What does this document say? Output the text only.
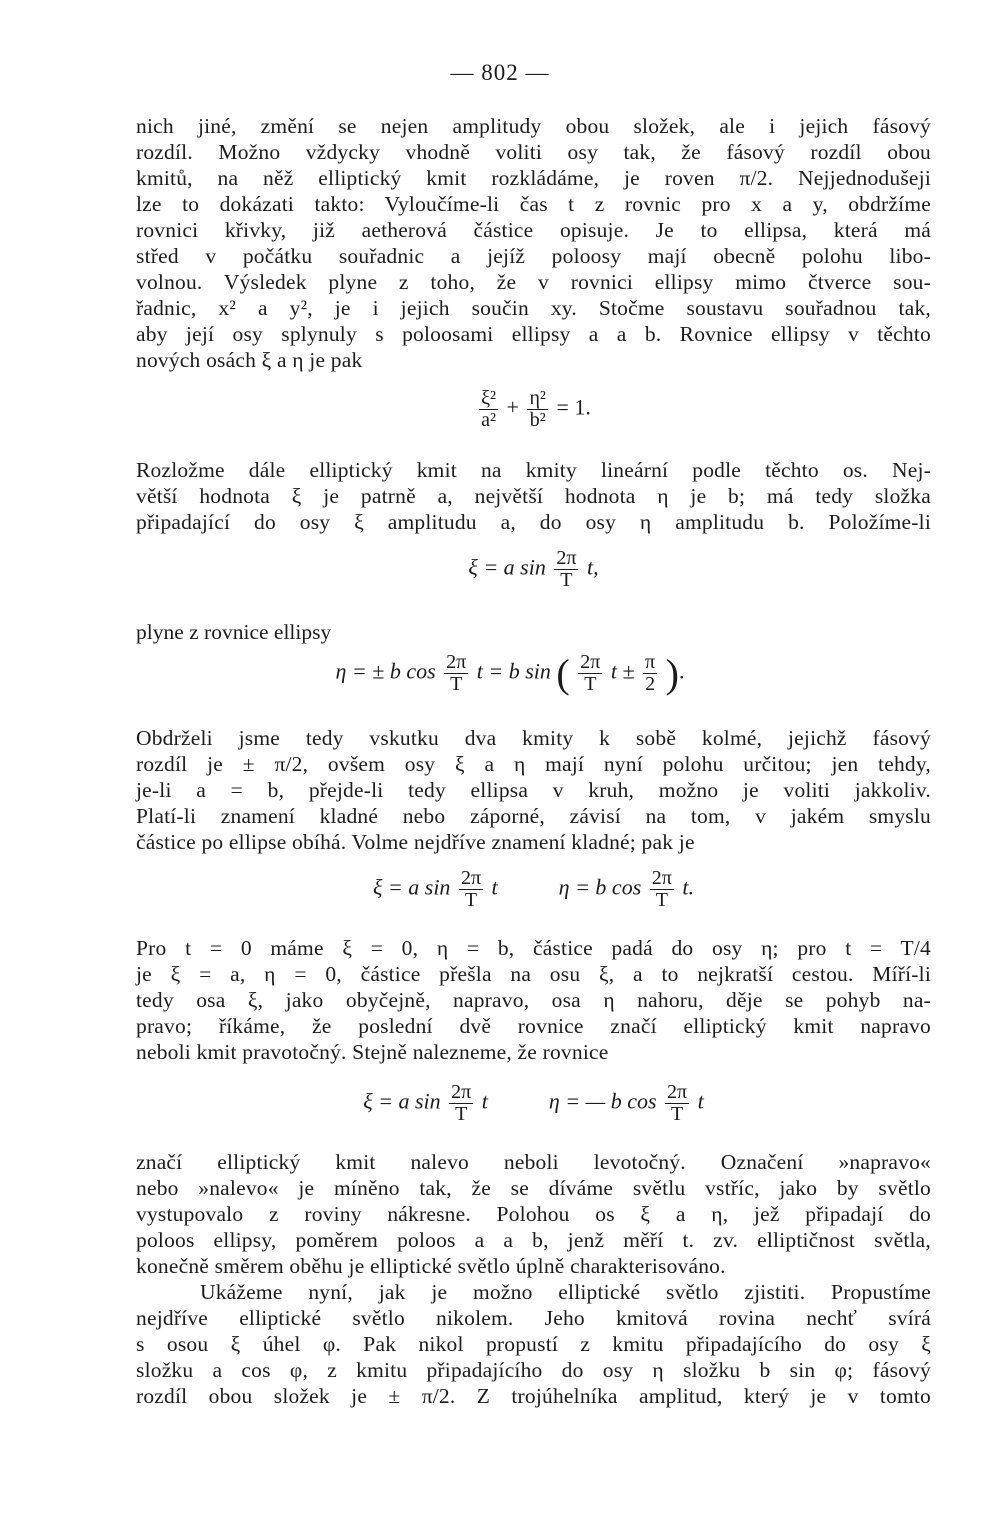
— 802 —
nich jiné, změní se nejen amplitudy obou složek, ale i jejich fásový
rozdíl. Možno vždycky vhodně voliti osy tak, že fásový rozdíl obou
kmitů, na něž elliptický kmit rozkládáme, je roven π/2. Nejjednodušeji
lze to dokázati takto: Vyloučíme-li čas t z rovnic pro x a y, obdržíme
rovnici křivky, již aetherová částice opisuje. Je to ellipsa, která má
střed v počátku souřadnic a jejíž poloosy mají obecně polohu libo-
volnou. Výsledek plyne z toho, že v rovnici ellipsy mimo čtverce sou-
řadnic, x² a y², je i jejich součin xy. Stočme soustavu souřadnou tak,
aby její osy splynuly s poloosami ellipsy a a b. Rovnice ellipsy v těchto
nových osách ξ a η je pak
$\frac{\text{ξ²}}{\text{a²}} + \frac{\text{η²}}{\text{b²}} = 1$.
Rozložme dále elliptický kmit na kmity lineární podle těchto os. Nej-
větší hodnota ξ je patrně a, největší hodnota η je b; má tedy složka
připadající do osy ξ amplitudu a, do osy η amplitudu b. Položíme-li
ξ = a $\sin \frac{2\pi}{T} t$,
plyne z rovnice ellipsy
η = ± b $\cos \frac{2\pi}{T}$ t = b sin ( $\frac{2\pi}{T}$ $t \pm \frac{\pi}{2}$ ).
Obdrželi jsme tedy vskutku dva kmity k sobě kolmé, jejichž fásový
rozdíl je ± π/2, ovšem osy ξ a η mají nyní polohu určitou; jen tehdy,
je-li a = b, přejde-li tedy ellipsa v kruh, možno je voliti jakkoliv.
Platí-li znamení kladné nebo záporné, závisí na tom, v jakém smyslu
částice po ellipse obíhá. Volme nejdříve znamení kladné; pak je
ξ = a $\sin \frac{2\pi}{T}$ t	η = b $\cos \frac{2\pi}{T} t$.
Pro t = 0 máme ξ = 0, η = b, částice padá do osy η; pro t = T/4
je ξ = a, η = 0, částice přešla na osu ξ, a to nejkratší cestou. Míří-li
tedy osa ξ, jako obyčejně, napravo, osa η nahoru, děje se pohyb na-
pravo; říkáme, že poslední dvě rovnice značí elliptický kmit napravo
neboli kmit pravotočný. Stejně nalezneme, že rovnice
ξ = a $\sin \frac{2\pi}{T}$ t	η = — b $\cos \frac{2\pi}{T}$ t
značí elliptický kmit nalevo neboli levotočný. Označení »napravo«
nebo »nalevo« je míněno tak, že se díváme světlu vstříc, jako by světlo
vystupovalo z roviny nákresne. Polohou os ξ a η, jež připadají do
poloos ellipsy, poměrem poloos a a b, jenž měří t. zv. elliptičnost světla,
konečně směrem oběhu je elliptické světlo úplně charakterisováno.
Ukážeme nyní, jak je možno elliptické světlo zjistiti. Propustíme
nejdříve elliptické světlo nikolem. Jeho kmitová rovina nechť svírá
s osou ξ úhel φ. Pak nikol propustí z kmitu připadajícího do osy ξ
složku a cos φ, z kmitu připadajícího do osy η složku b sin φ; fásový
rozdíl obou složek je ± π/2. Z trojúhelníka amplitud, který je v tomto
